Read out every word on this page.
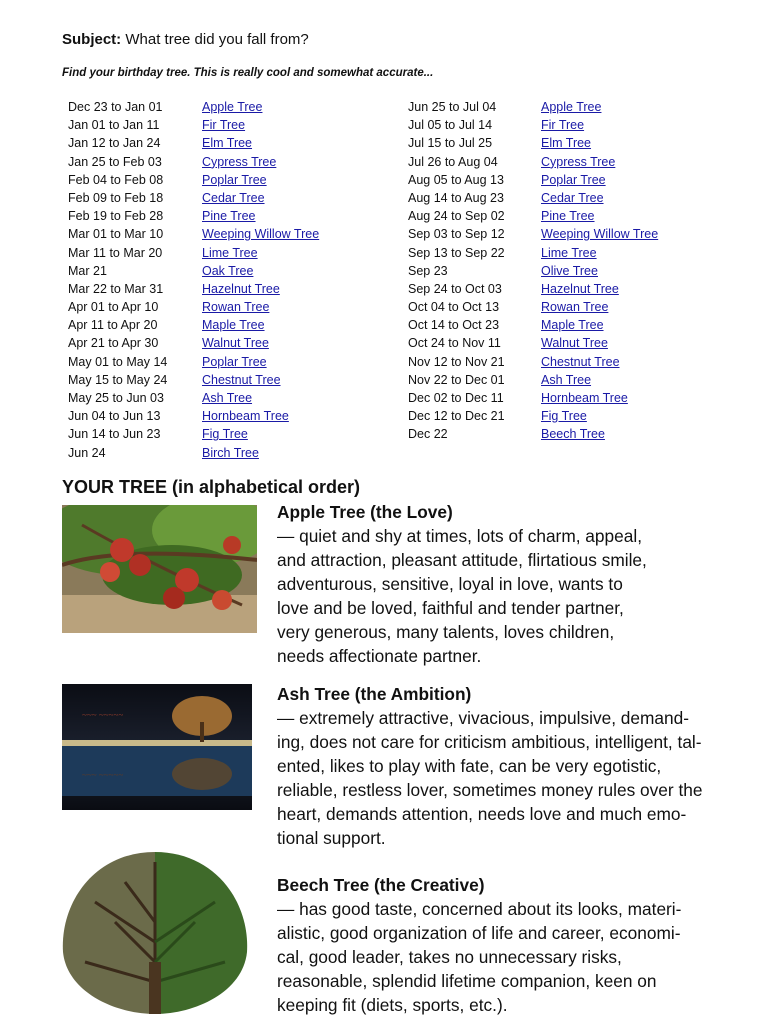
Subject: What tree did you fall from?
Find your birthday tree. This is really cool and somewhat accurate...
Dec 23 to Jan 01	Apple Tree
Jan 01 to Jan 11	Fir Tree
Jan 12 to Jan 24	Elm Tree
Jan 25 to Feb 03	Cypress Tree
Feb 04 to Feb 08	Poplar Tree
Feb 09 to Feb 18	Cedar Tree
Feb 19 to Feb 28	Pine Tree
Mar 01 to Mar 10	Weeping Willow Tree
Mar 11 to Mar 20	Lime Tree
Mar 21	Oak Tree
Mar 22 to Mar 31	Hazelnut Tree
Apr 01 to Apr 10	Rowan Tree
Apr 11 to Apr 20	Maple Tree
Apr 21 to Apr 30	Walnut Tree
May 01 to May 14	Poplar Tree
May 15 to May 24	Chestnut Tree
May 25 to Jun 03	Ash Tree
Jun 04 to Jun 13	Hornbeam Tree
Jun 14 to Jun 23	Fig Tree
Jun 24	Birch Tree
Jun 25 to Jul 04	Apple Tree
Jul 05 to Jul 14	Fir Tree
Jul 15 to Jul 25	Elm Tree
Jul 26 to Aug 04	Cypress Tree
Aug 05 to Aug 13	Poplar Tree
Aug 14 to Aug 23	Cedar Tree
Aug 24 to Sep 02	Pine Tree
Sep 03 to Sep 12	Weeping Willow Tree
Sep 13 to Sep 22	Lime Tree
Sep 23	Olive Tree
Sep 24 to Oct 03	Hazelnut Tree
Oct 04 to Oct 13	Rowan Tree
Oct 14 to Oct 23	Maple Tree
Oct 24 to Nov 11	Walnut Tree
Nov 12 to Nov 21	Chestnut Tree
Nov 22 to Dec 01	Ash Tree
Dec 02 to Dec 11	Hornbeam Tree
Dec 12 to Dec 21	Fig Tree
Dec 22	Beech Tree
YOUR TREE (in alphabetical order)
~~~ ~~~~~
~~~ ~~~~~
Apple Tree (the Love)
— quiet and shy at times, lots of charm, appeal,
and attraction, pleasant attitude, flirtatious smile,
adventurous, sensitive, loyal in love, wants to
love and be loved, faithful and tender partner,
very generous, many talents, loves children,
needs affectionate partner.
Ash Tree (the Ambition)
— extremely attractive, vivacious, impulsive, demand-
ing, does not care for criticism ambitious, intelligent, tal-
ented, likes to play with fate, can be very egotistic,
reliable, restless lover, sometimes money rules over the
heart, demands attention, needs love and much emo-
tional support.
Beech Tree (the Creative)
— has good taste, concerned about its looks, materi-
alistic, good organization of life and career, economi-
cal, good leader, takes no unnecessary risks,
reasonable, splendid lifetime companion, keen on
keeping fit (diets, sports, etc.).
